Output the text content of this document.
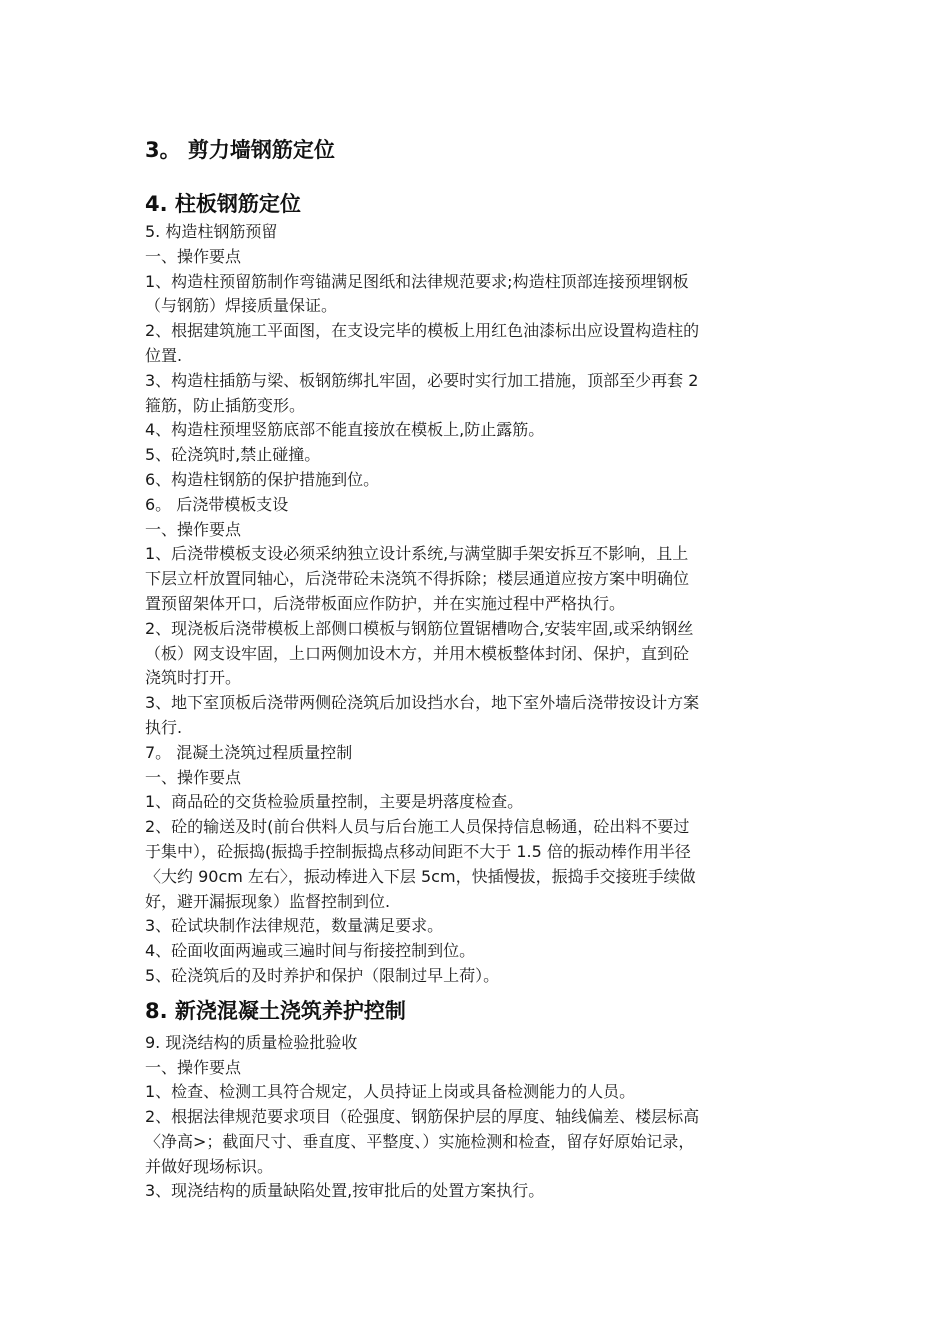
3。 剪力墙钢筋定位
4. 柱板钢筋定位

5. 构造柱钢筋预留

一、操作要点

1、构造柱预留筋制作弯锚满足图纸和法律规范要求;构造柱顶部连接预埋钢板

（与钢筋）焊接质量保证。

2、根据建筑施工平面图，在支设完毕的模板上用红色油漆标出应设置构造柱的

位置.

3、构造柱插筋与梁、板钢筋绑扎牢固，必要时实行加工措施，顶部至少再套 2

箍筋，防止插筋变形。

4、构造柱预埋竖筋底部不能直接放在模板上,防止露筋。

5、砼浇筑时,禁止碰撞。

6、构造柱钢筋的保护措施到位。

6。 后浇带模板支设

一、操作要点

1、后浇带模板支设必须采纳独立设计系统,与满堂脚手架安拆互不影响，且上

下层立杆放置同轴心，后浇带砼未浇筑不得拆除；楼层通道应按方案中明确位

置预留架体开口，后浇带板面应作防护，并在实施过程中严格执行。

2、现浇板后浇带模板上部侧口模板与钢筋位置锯槽吻合,安装牢固,或采纳钢丝

（板）网支设牢固，上口两侧加设木方，并用木模板整体封闭、保护，直到砼

浇筑时打开。

3、地下室顶板后浇带两侧砼浇筑后加设挡水台，地下室外墙后浇带按设计方案

执行.

7。 混凝土浇筑过程质量控制

一、操作要点

1、商品砼的交货检验质量控制，主要是坍落度检查。

2、砼的输送及时(前台供料人员与后台施工人员保持信息畅通，砼出料不要过

于集中），砼振捣(振捣手控制振捣点移动间距不大于 1.5 倍的振动棒作用半径

〈大约 90cm 左右〉，振动棒进入下层 5cm，快插慢拔，振捣手交接班手续做

好，避开漏振现象）监督控制到位.

3、砼试块制作法律规范，数量满足要求。

4、砼面收面两遍或三遍时间与衔接控制到位。

5、砼浇筑后的及时养护和保护（限制过早上荷）。

8. 新浇混凝土浇筑养护控制

9. 现浇结构的质量检验批验收

一、操作要点

1、检查、检测工具符合规定，人员持证上岗或具备检测能力的人员。

2、根据法律规范要求项目（砼强度、钢筋保护层的厚度、轴线偏差、楼层标高

〈净高>；截面尺寸、垂直度、平整度、）实施检测和检查，留存好原始记录，

并做好现场标识。

3、现浇结构的质量缺陷处置,按审批后的处置方案执行。
